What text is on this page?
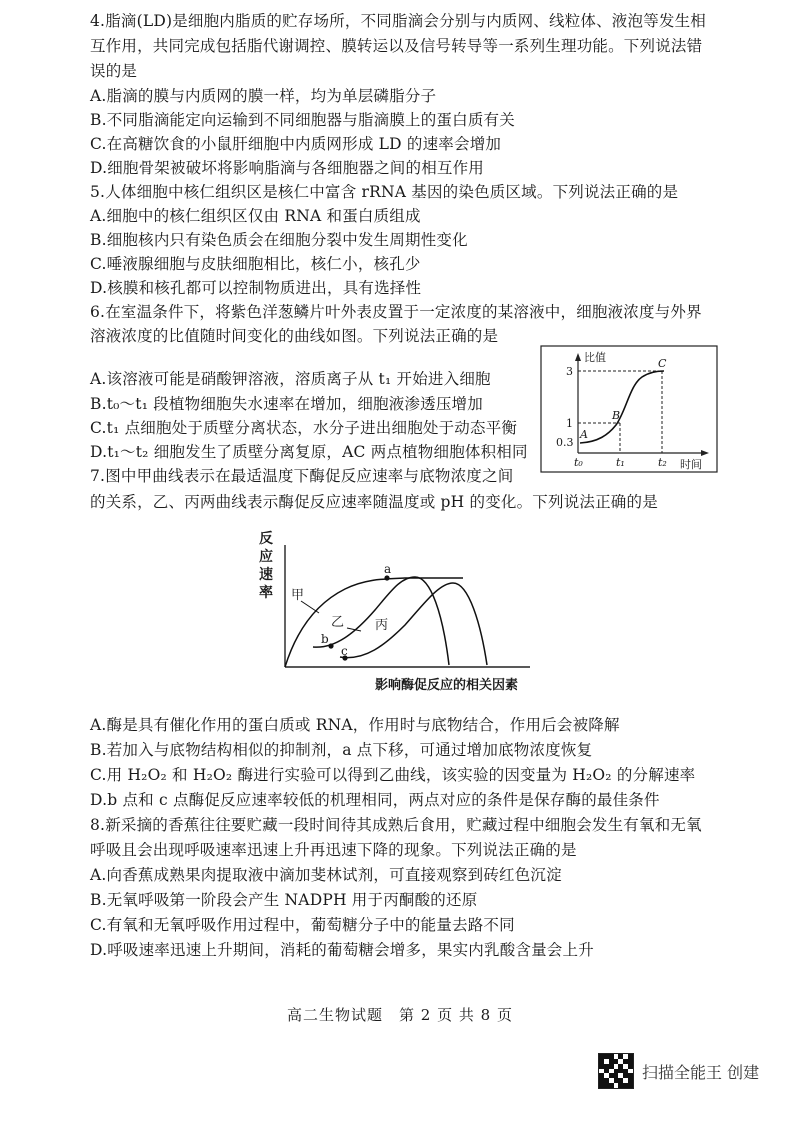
4.脂滴(LD)是细胞内脂质的贮存场所，不同脂滴会分别与内质网、线粒体、液泡等发生相
互作用，共同完成包括脂代谢调控、膜转运以及信号转导等一系列生理功能。下列说法错
误的是
A.脂滴的膜与内质网的膜一样，均为单层磷脂分子
B.不同脂滴能定向运输到不同细胞器与脂滴膜上的蛋白质有关
C.在高糖饮食的小鼠肝细胞中内质网形成 LD 的速率会增加
D.细胞骨架被破坏将影响脂滴与各细胞器之间的相互作用
5.人体细胞中核仁组织区是核仁中富含 rRNA 基因的染色质区域。下列说法正确的是
A.细胞中的核仁组织区仅由 RNA 和蛋白质组成
B.细胞核内只有染色质会在细胞分裂中发生周期性变化
C.唾液腺细胞与皮肤细胞相比，核仁小，核孔少
D.核膜和核孔都可以控制物质进出，具有选择性
6.在室温条件下，将紫色洋葱鳞片叶外表皮置于一定浓度的某溶液中，细胞液浓度与外界
溶液浓度的比值随时间变化的曲线如图。下列说法正确的是
A.该溶液可能是硝酸钾溶液，溶质离子从 t₁ 开始进入细胞
B.t₀～t₁ 段植物细胞失水速率在增加，细胞液渗透压增加
C.t₁ 点细胞处于质壁分离状态，水分子进出细胞处于动态平衡
D.t₁～t₂ 细胞发生了质壁分离复原，AC 两点植物细胞体积相同
比值
时间
3
1
0.3
t₀	t₁	t₂
A
B
C
7.图中甲曲线表示在最适温度下酶促反应速率与底物浓度之间
的关系，乙、丙两曲线表示酶促反应速率随温度或 pH 的变化。下列说法正确的是
反
应
速
率
影响酶促反应的相关因素
a
b
c
甲
乙 丙
A.酶是具有催化作用的蛋白质或 RNA，作用时与底物结合，作用后会被降解
B.若加入与底物结构相似的抑制剂，a 点下移，可通过增加底物浓度恢复
C.用 H₂O₂ 和 H₂O₂ 酶进行实验可以得到乙曲线，该实验的因变量为 H₂O₂ 的分解速率
D.b 点和 c 点酶促反应速率较低的机理相同，两点对应的条件是保存酶的最佳条件
8.新采摘的香蕉往往要贮藏一段时间待其成熟后食用，贮藏过程中细胞会发生有氧和无氧
呼吸且会出现呼吸速率迅速上升再迅速下降的现象。下列说法正确的是
A.向香蕉成熟果肉提取液中滴加斐林试剂，可直接观察到砖红色沉淀
B.无氧呼吸第一阶段会产生 NADPH 用于丙酮酸的还原
C.有氧和无氧呼吸作用过程中，葡萄糖分子中的能量去路不同
D.呼吸速率迅速上升期间，消耗的葡萄糖会增多，果实内乳酸含量会上升
高二生物试题　第 2 页 共 8 页
扫描全能王 创建
